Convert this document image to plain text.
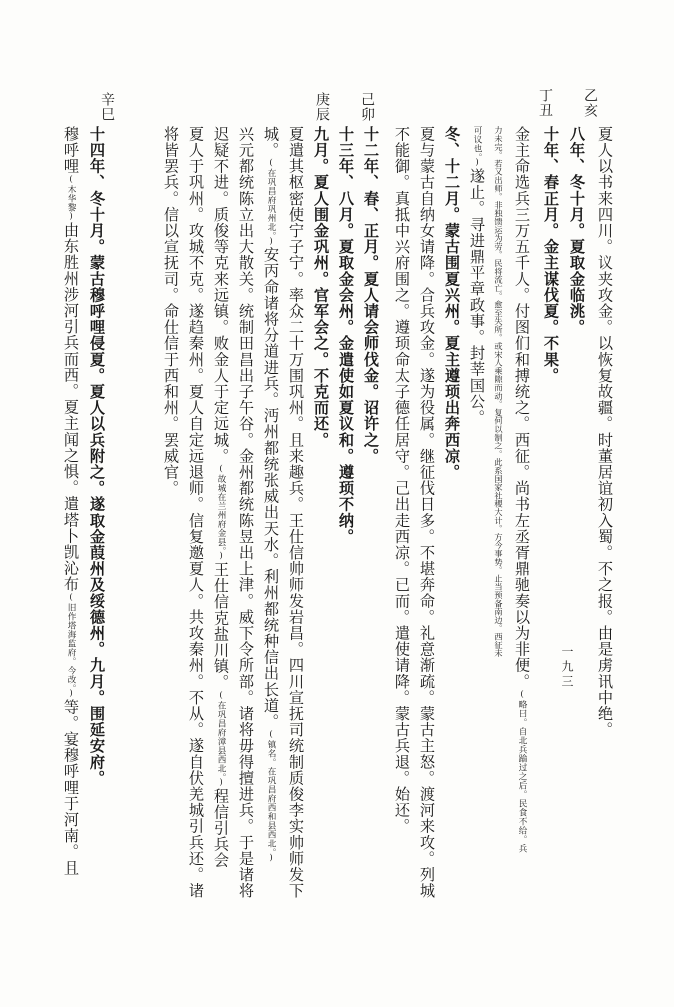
夏人以书来四川。议夹攻金。以恢复故疆。时董居谊初入蜀。不之报。由是虏讯中绝。
乙亥
八年、冬十月。夏取金临洮。
丁丑
十年、春正月。金主谋伐夏。不果。
金主命选兵三万五千人。付图们和搏统之。西征。尚书左丞胥鼎驰奏以为非便。(略曰。自北兵踰过之后。民食不给。兵
力未完。若又出师。非独馈运为劳。民将流亡。愈至失所。或宋人乘隙而动。复何以制之。此系国家社稷大计。方今事势。止当预备南边。西征未
可议也。)遂止。寻进鼎平章政事。封莘国公。
冬、十二月。蒙古围夏兴州。夏主遵顼出奔西凉。
夏与蒙古自纳女请降。合兵攻金。遂为役属。继征伐日多。不堪奔命。礼意渐疏。蒙古主怒。渡河来攻。列城
不能御。真抵中兴府围之。遵顼命太子德任居守。己出走西凉。已而。遣使请降。蒙古兵退。始还。
己卯
十二年、春、正月。夏人请会师伐金。诏许之。
庚辰
十三年、八月。夏取金会州。金遣使如夏议和。遵顼不纳。
九月。夏人围金巩州。官军会之。不克而还。
夏遣其枢密使宁子宁。率众二十万围巩州。且来趣兵。王仕信帅师发岩昌。四川宣抚司统制质俊李实帅师发下
城。(在巩昌府巩州北。)安丙命诸将分道进兵。沔州都统张威出天水。利州都统种信出长道。(镇名。在巩昌府西和县西北。)
兴元都统陈立出大散关。统制田昌出子午谷。金州都统陈昱出上津。威下令所部。诸将毋得擅进兵。于是诸将
迟疑不进。质俊等克来远镇。败金人于定远城。(故城在兰州府金县。)王仕信克盐川镇。(在巩昌府漳县西北。)程信引兵会
夏人于巩州。攻城不克。遂趋秦州。夏人自定远退师。信复邀夏人。共攻秦州。不从。遂自伏羌城引兵还。诸
将皆罢兵。信以宣抚司。命仕信于西和州。罢威官。
辛巳
十四年、冬十月。蒙古穆呼哩侵夏。夏人以兵附之。遂取金葭州及绥德州。九月。围延安府。
穆呼哩(木华黎)由东胜州涉河引兵而西。夏主闻之惧。遣塔卜凯沁布(旧作塔海监府。今改。)等。宴穆呼哩于河南。且
一九三
